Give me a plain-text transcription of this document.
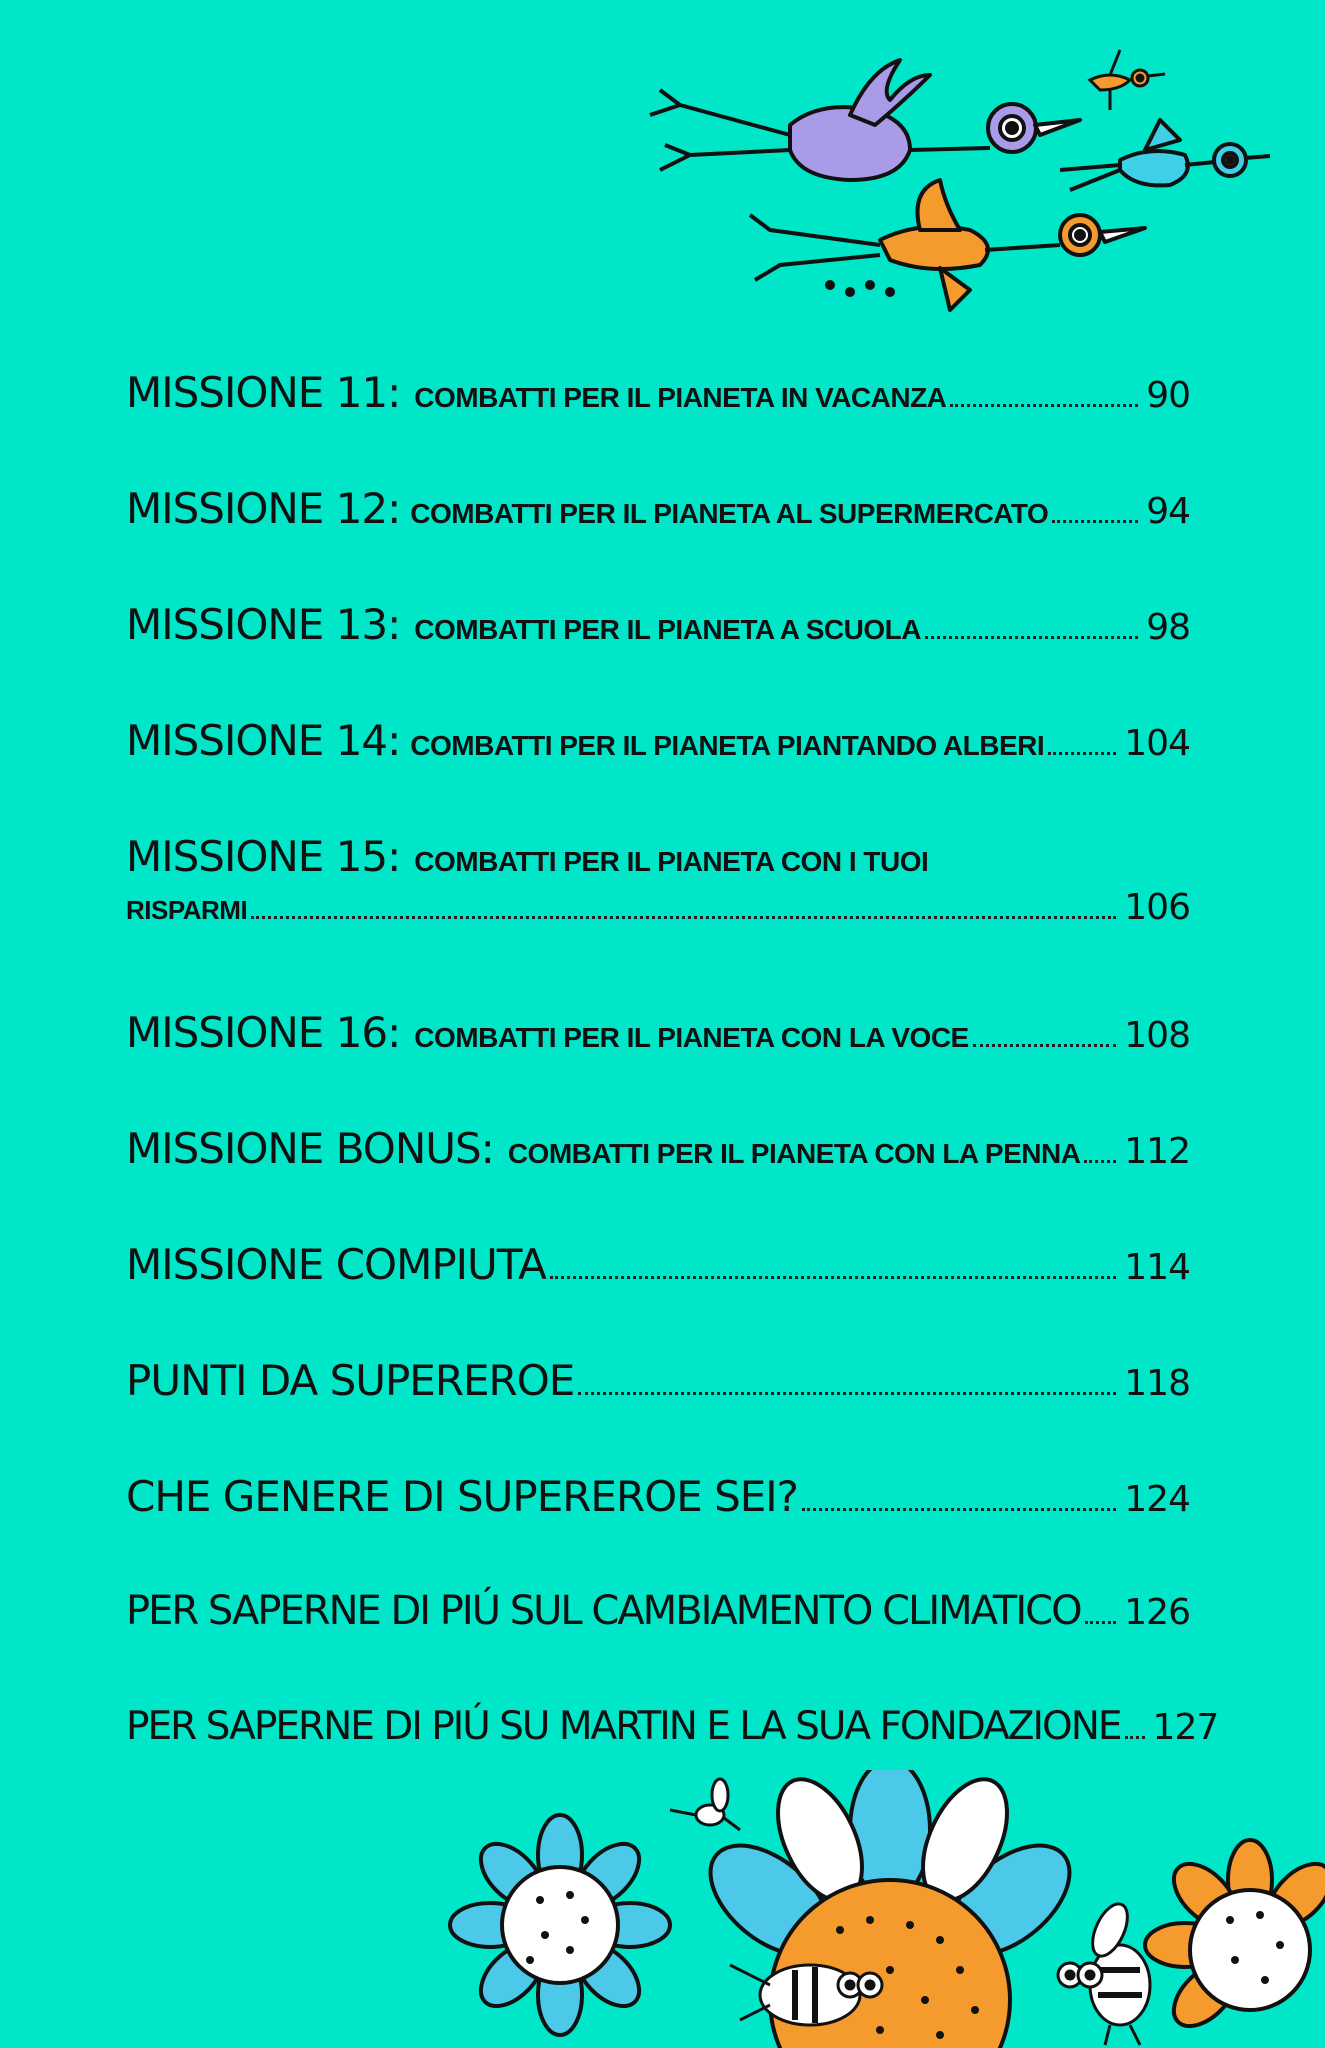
MISSIONE 11: COMBATTI PER IL PIANETA IN VACANZA	90
MISSIONE 12: COMBATTI PER IL PIANETA AL SUPERMERCATO	94
MISSIONE 13: COMBATTI PER IL PIANETA A SCUOLA	98
MISSIONE 14: COMBATTI PER IL PIANETA PIANTANDO ALBERI 104
MISSIONE 15: COMBATTI PER IL PIANETA CON I TUOI
RISPARMI	106
MISSIONE 16: COMBATTI PER IL PIANETA CON LA VOCE	108
MISSIONE BONUS: COMBATTI PER IL PIANETA CON LA PENNA 112
MISSIONE COMPIUTA	114
PUNTI DA SUPEREROE	118
CHE GENERE DI SUPEREROE SEI?	124
PER SAPERNE DI PIÚ SUL CAMBIAMENTO CLIMATICO 126
PER SAPERNE DI PIÚ SU MARTIN E LA SUA FONDAZIONE 127
